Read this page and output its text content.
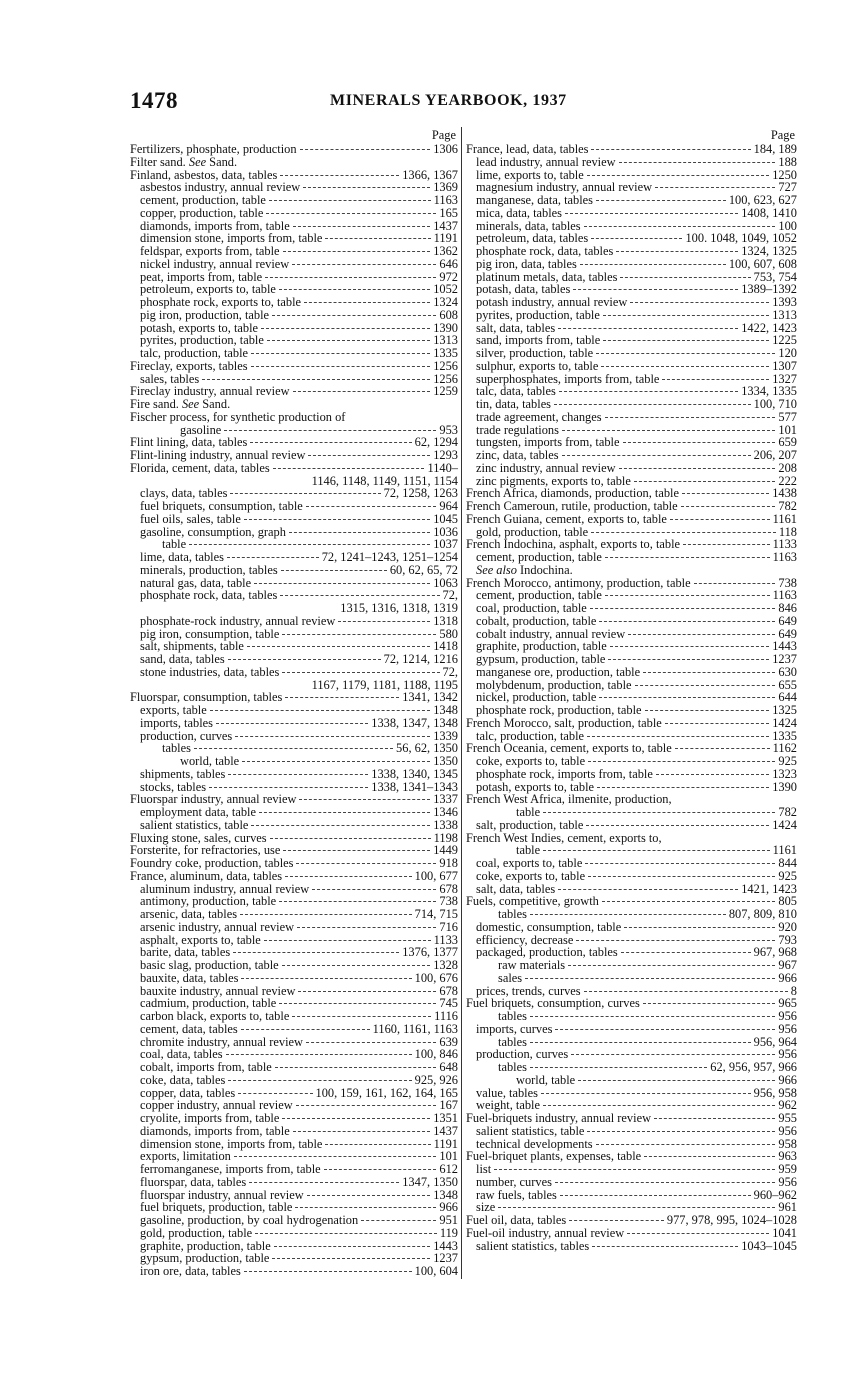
1478	MINERALS YEARBOOK, 1937
Page
Fertilizers, phosphate, production	1306
Filter sand. See Sand.
Finland, asbestos, data, tables	1366, 1367
asbestos industry, annual review	1369
cement, production, table	1163
copper, production, table	165
diamonds, imports from, table	1437
dimension stone, imports from, table	1191
feldspar, exports from, table	1362
nickel industry, annual review	646
peat, imports from, table	972
petroleum, exports to, table	1052
phosphate rock, exports to, table	1324
pig iron, production, table	608
potash, exports to, table	1390
pyrites, production, table	1313
talc, production, table	1335
Fireclay, exports, tables	1256
sales, tables	1256
Fireclay industry, annual review	1259
Fire sand. See Sand.
Fischer process, for synthetic production of
gasoline	953
Flint lining, data, tables	62, 1294
Flint-lining industry, annual review	1293
Florida, cement, data, tables	1140–
1146, 1148, 1149, 1151, 1154
clays, data, tables	72, 1258, 1263
fuel briquets, consumption, table	964
fuel oils, sales, table	1045
gasoline, consumption, graph	1036
table	1037
lime, data, tables	72, 1241–1243, 1251–1254
minerals, production, tables	60, 62, 65, 72
natural gas, data, table	1063
phosphate rock, data, tables	72,
1315, 1316, 1318, 1319
phosphate-rock industry, annual review	1318
pig iron, consumption, table	580
salt, shipments, table	1418
sand, data, tables	72, 1214, 1216
stone industries, data, tables	72,
1167, 1179, 1181, 1188, 1195
Fluorspar, consumption, tables	1341, 1342
exports, table	1348
imports, tables	1338, 1347, 1348
production, curves	1339
tables	56, 62, 1350
world, table	1350
shipments, tables	1338, 1340, 1345
stocks, tables	1338, 1341–1343
Fluorspar industry, annual review	1337
employment data, table	1346
salient statistics, table	1338
Fluxing stone, sales, curves	1198
Forsterite, for refractories, use	1449
Foundry coke, production, tables	918
France, aluminum, data, tables	100, 677
aluminum industry, annual review	678
antimony, production, table	738
arsenic, data, tables	714, 715
arsenic industry, annual review	716
asphalt, exports to, table	1133
barite, data, tables	1376, 1377
basic slag, production, table	1328
bauxite, data, tables	100, 676
bauxite industry, annual review	678
cadmium, production, table	745
carbon black, exports to, table	1116
cement, data, tables	1160, 1161, 1163
chromite industry, annual review	639
coal, data, tables	100, 846
cobalt, imports from, table	648
coke, data, tables	925, 926
copper, data, tables	100, 159, 161, 162, 164, 165
copper industry, annual review	167
cryolite, imports from, table	1351
diamonds, imports from, table	1437
dimension stone, imports from, table	1191
exports, limitation	101
ferromanganese, imports from, table	612
fluorspar, data, tables	1347, 1350
fluorspar industry, annual review	1348
fuel briquets, production, table	966
gasoline, production, by coal hydrogenation	951
gold, production, table	119
graphite, production, table	1443
gypsum, production, table	1237
iron ore, data, tables	100, 604
Page
France, lead, data, tables	184, 189
lead industry, annual review	188
lime, exports to, table	1250
magnesium industry, annual review	727
manganese, data, tables	100, 623, 627
mica, data, tables	1408, 1410
minerals, data, tables	100
petroleum, data, tables	100. 1048, 1049, 1052
phosphate rock, data, tables	1324, 1325
pig iron, data, tables	100, 607, 608
platinum metals, data, tables	753, 754
potash, data, tables	1389–1392
potash industry, annual review	1393
pyrites, production, table	1313
salt, data, tables	1422, 1423
sand, imports from, table	1225
silver, production, table	120
sulphur, exports to, table	1307
superphosphates, imports from, table	1327
talc, data, tables	1334, 1335
tin, data, tables	100, 710
trade agreement, changes	577
trade regulations	101
tungsten, imports from, table	659
zinc, data, tables	206, 207
zinc industry, annual review	208
zinc pigments, exports to, table	222
French Africa, diamonds, production, table	1438
French Cameroun, rutile, production, table	782
French Guiana, cement, exports to, table	1161
gold, production, table	118
French Indochina, asphalt, exports to, table	1133
cement, production, table	1163
See also Indochina.
French Morocco, antimony, production, table	738
cement, production, table	1163
coal, production, table	846
cobalt, production, table	649
cobalt industry, annual review	649
graphite, production, table	1443
gypsum, production, table	1237
manganese ore, production, table	630
molybdenum, production, table	655
nickel, production, table	644
phosphate rock, production, table	1325
French Morocco, salt, production, table	1424
talc, production, table	1335
French Oceania, cement, exports to, table	1162
coke, exports to, table	925
phosphate rock, imports from, table	1323
potash, exports to, table	1390
French West Africa, ilmenite, production,
table	782
salt, production, table	1424
French West Indies, cement, exports to,
table	1161
coal, exports to, table	844
coke, exports to, table	925
salt, data, tables	1421, 1423
Fuels, competitive, growth	805
tables	807, 809, 810
domestic, consumption, table	920
efficiency, decrease	793
packaged, production, tables	967, 968
raw materials	967
sales	966
prices, trends, curves	8
Fuel briquets, consumption, curves	965
tables	956
imports, curves	956
tables	956, 964
production, curves	956
tables	62, 956, 957, 966
world, table	966
value, tables	956, 958
weight, table	962
Fuel-briquets industry, annual review	955
salient statistics, table	956
technical developments	958
Fuel-briquet plants, expenses, table	963
list	959
number, curves	956
raw fuels, tables	960–962
size	961
Fuel oil, data, tables	977, 978, 995, 1024–1028
Fuel-oil industry, annual review	1041
salient statistics, tables	1043–1045
